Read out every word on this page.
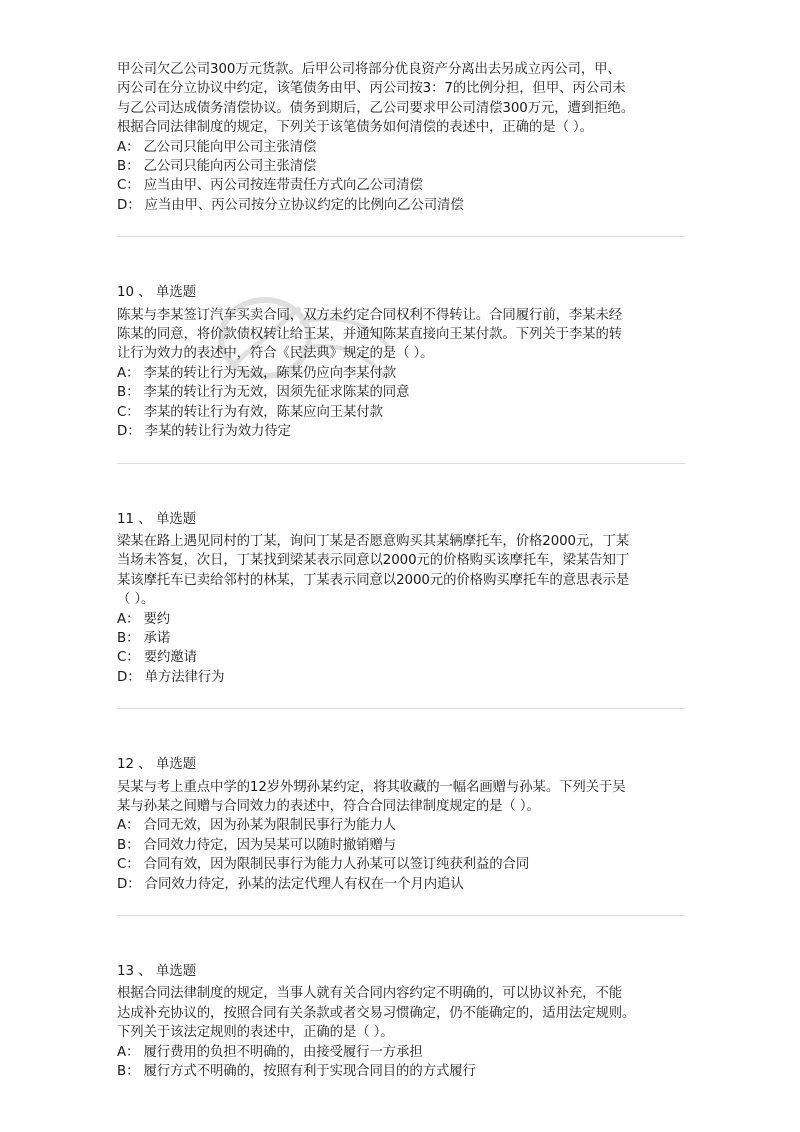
甲公司欠乙公司300万元货款。后甲公司将部分优良资产分离出去另成立丙公司，甲、

丙公司在分立协议中约定，该笔债务由甲、丙公司按3：7的比例分担，但甲、丙公司未

与乙公司达成债务清偿协议。债务到期后，乙公司要求甲公司清偿300万元，遭到拒绝。

根据合同法律制度的规定，下列关于该笔债务如何清偿的表述中，正确的是（ ）。

A： 乙公司只能向甲公司主张清偿

B： 乙公司只能向丙公司主张清偿

C： 应当由甲、丙公司按连带责任方式向乙公司清偿

D： 应当由甲、丙公司按分立协议约定的比例向乙公司清偿

10 、 单选题

陈某与李某签订汽车买卖合同，双方未约定合同权利不得转让。合同履行前，李某未经

陈某的同意，将价款债权转让给王某，并通知陈某直接向王某付款。下列关于李某的转

让行为效力的表述中，符合《民法典》规定的是（ ）。

A： 李某的转让行为无效，陈某仍应向李某付款

B： 李某的转让行为无效，因须先征求陈某的同意

C： 李某的转让行为有效，陈某应向王某付款

D： 李某的转让行为效力待定

11 、 单选题

梁某在路上遇见同村的丁某，询问丁某是否愿意购买其某辆摩托车，价格2000元，丁某

当场未答复，次日，丁某找到梁某表示同意以2000元的价格购买该摩托车，梁某告知丁

某该摩托车已卖给邻村的林某，丁某表示同意以2000元的价格购买摩托车的意思表示是

（ ）。

A： 要约

B： 承诺

C： 要约邀请

D： 单方法律行为

12 、 单选题

吴某与考上重点中学的12岁外甥孙某约定，将其收藏的一幅名画赠与孙某。下列关于吴

某与孙某之间赠与合同效力的表述中，符合合同法律制度规定的是（ ）。

A： 合同无效，因为孙某为限制民事行为能力人

B： 合同效力待定，因为吴某可以随时撤销赠与

C： 合同有效，因为限制民事行为能力人孙某可以签订纯获利益的合同

D： 合同效力待定，孙某的法定代理人有权在一个月内追认

13 、 单选题

根据合同法律制度的规定，当事人就有关合同内容约定不明确的，可以协议补充，不能

达成补充协议的，按照合同有关条款或者交易习惯确定，仍不能确定的，适用法定规则。

下列关于该法定规则的表述中，正确的是（ ）。

A： 履行费用的负担不明确的，由接受履行一方承担

B： 履行方式不明确的，按照有利于实现合同目的的方式履行
